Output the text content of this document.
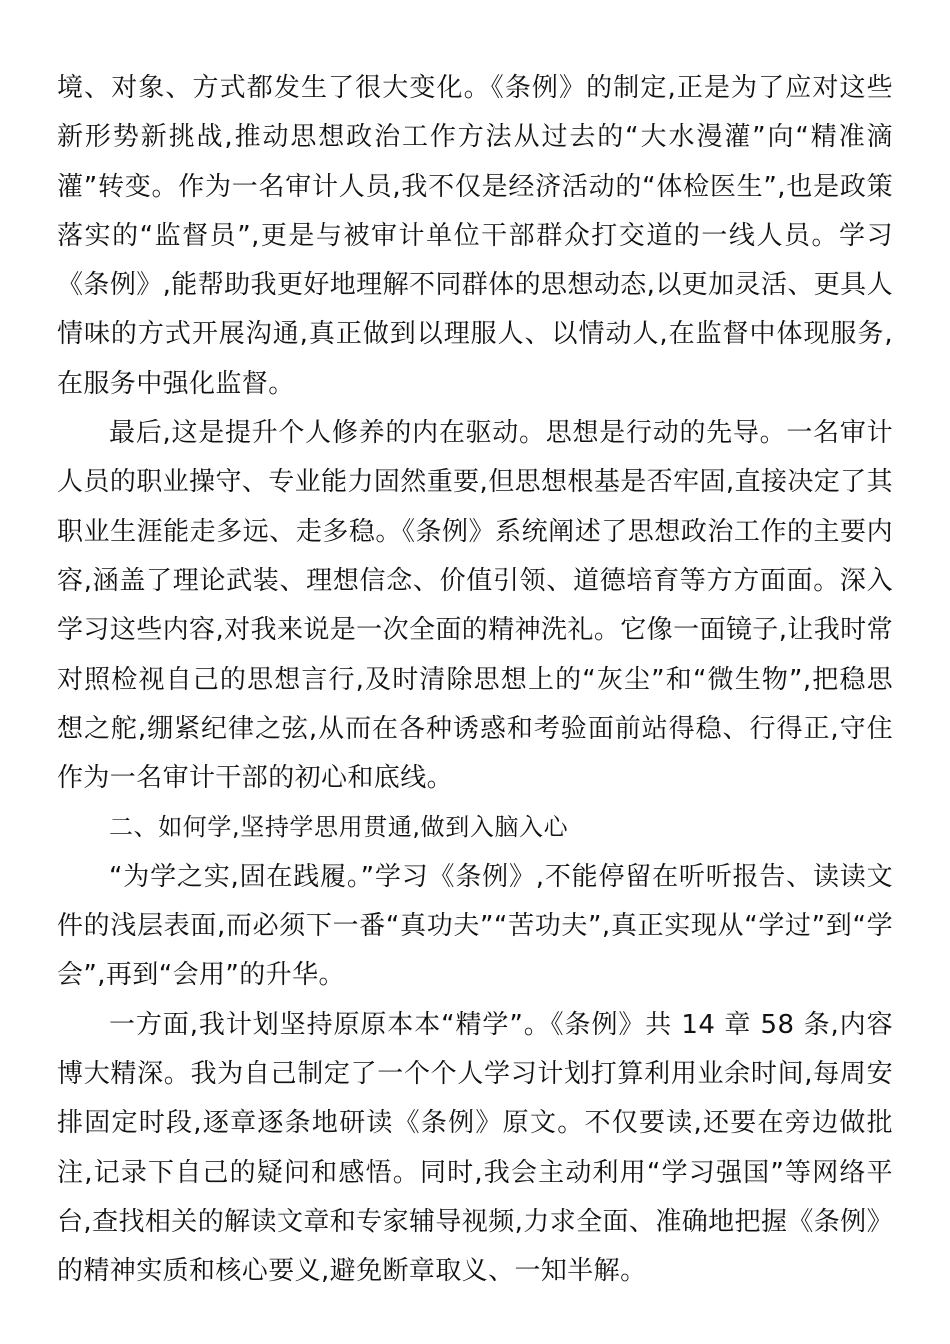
境、对象、方式都发生了很大变化。《条例》的制定,正是为了应对这些新形势新挑战,推动思想政治工作方法从过去的“大水漫灌”向“精准滴灌”转变。作为一名审计人员,我不仅是经济活动的“体检医生”,也是政策落实的“监督员”,更是与被审计单位干部群众打交道的一线人员。学习《条例》,能帮助我更好地理解不同群体的思想动态,以更加灵活、更具人情味的方式开展沟通,真正做到以理服人、以情动人,在监督中体现服务,在服务中强化监督。

最后,这是提升个人修养的内在驱动。思想是行动的先导。一名审计人员的职业操守、专业能力固然重要,但思想根基是否牢固,直接决定了其职业生涯能走多远、走多稳。《条例》系统阐述了思想政治工作的主要内容,涵盖了理论武装、理想信念、价值引领、道德培育等方方面面。深入学习这些内容,对我来说是一次全面的精神洗礼。它像一面镜子,让我时常对照检视自己的思想言行,及时清除思想上的“灰尘”和“微生物”,把稳思想之舵,绷紧纪律之弦,从而在各种诱惑和考验面前站得稳、行得正,守住作为一名审计干部的初心和底线。

二、如何学,坚持学思用贯通,做到入脑入心

“为学之实,固在践履。”学习《条例》,不能停留在听听报告、读读文件的浅层表面,而必须下一番“真功夫”“苦功夫”,真正实现从“学过”到“学会”,再到“会用”的升华。

一方面,我计划坚持原原本本“精学”。《条例》共 14 章 58 条,内容博大精深。我为自己制定了一个个人学习计划打算利用业余时间,每周安排固定时段,逐章逐条地研读《条例》原文。不仅要读,还要在旁边做批注,记录下自己的疑问和感悟。同时,我会主动利用“学习强国”等网络平台,查找相关的解读文章和专家辅导视频,力求全面、准确地把握《条例》的精神实质和核心要义,避免断章取义、一知半解。
